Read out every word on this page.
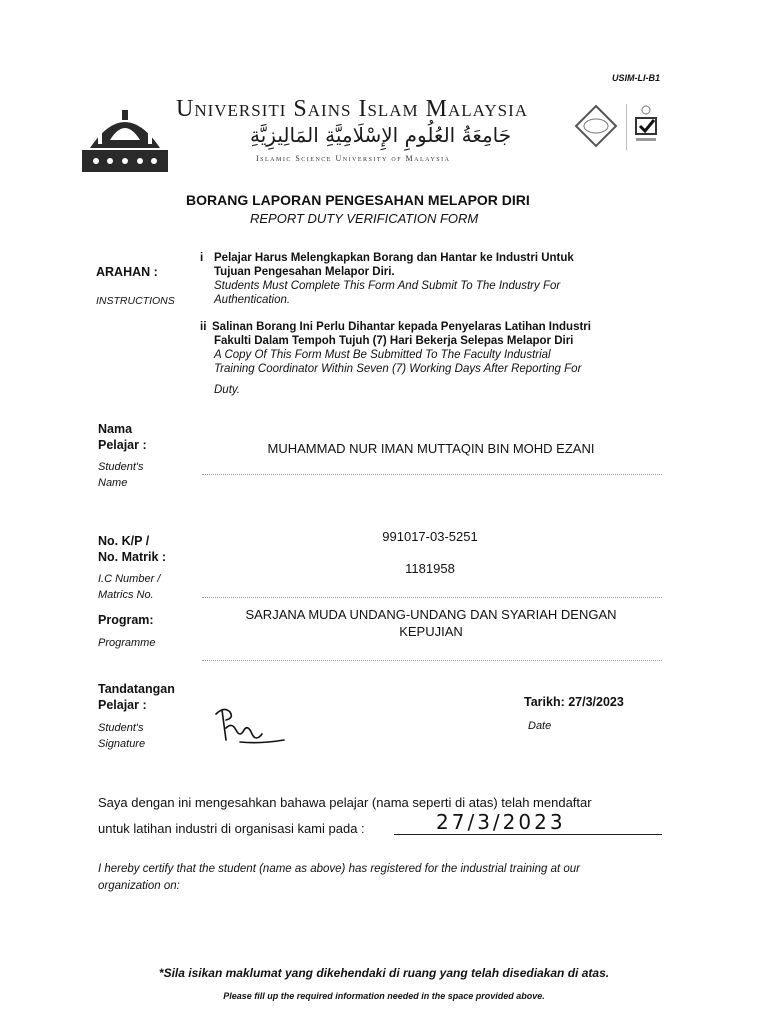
USIM-LI-B1
Universiti Sains Islam Malaysia
جَامِعَةُ العُلُومِ الإِسْلَامِيَّةِ المَالِيزِيَّةِ
Islamic Science University of Malaysia
BORANG LAPORAN PENGESAHAN MELAPOR DIRI
REPORT DUTY VERIFICATION FORM
ARAHAN :
INSTRUCTIONS
i Pelajar Harus Melengkapkan Borang dan Hantar ke Industri Untuk
Tujuan Pengesahan Melapor Diri.
Students Must Complete This Form And Submit To The Industry For
Authentication.
ii Salinan Borang Ini Perlu Dihantar kepada Penyelaras Latihan Industri
Fakulti Dalam Tempoh Tujuh (7) Hari Bekerja Selepas Melapor Diri
A Copy Of This Form Must Be Submitted To The Faculty Industrial
Training Coordinator Within Seven (7) Working Days After Reporting For
Duty.
Nama
Pelajar :
Student's
Name
MUHAMMAD NUR IMAN MUTTAQIN BIN MOHD EZANI
No. K/P /
No. Matrik :
I.C Number /
Matrics No.
991017-03-5251
1181958
Program:
Programme
SARJANA MUDA UNDANG-UNDANG DAN SYARIAH DENGAN
KEPUJIAN
Tandatangan
Pelajar :
Student's
Signature
Tarikh: 27/3/2023
Date
Saya dengan ini mengesahkan bahawa pelajar (nama seperti di atas) telah mendaftar
untuk latihan industri di organisasi kami pada :	27/3/2023
I hereby certify that the student (name as above) has registered for the industrial training at our
organization on:
*Sila isikan maklumat yang dikehendaki di ruang yang telah disediakan di atas.
Please fill up the required information needed in the space provided above.
